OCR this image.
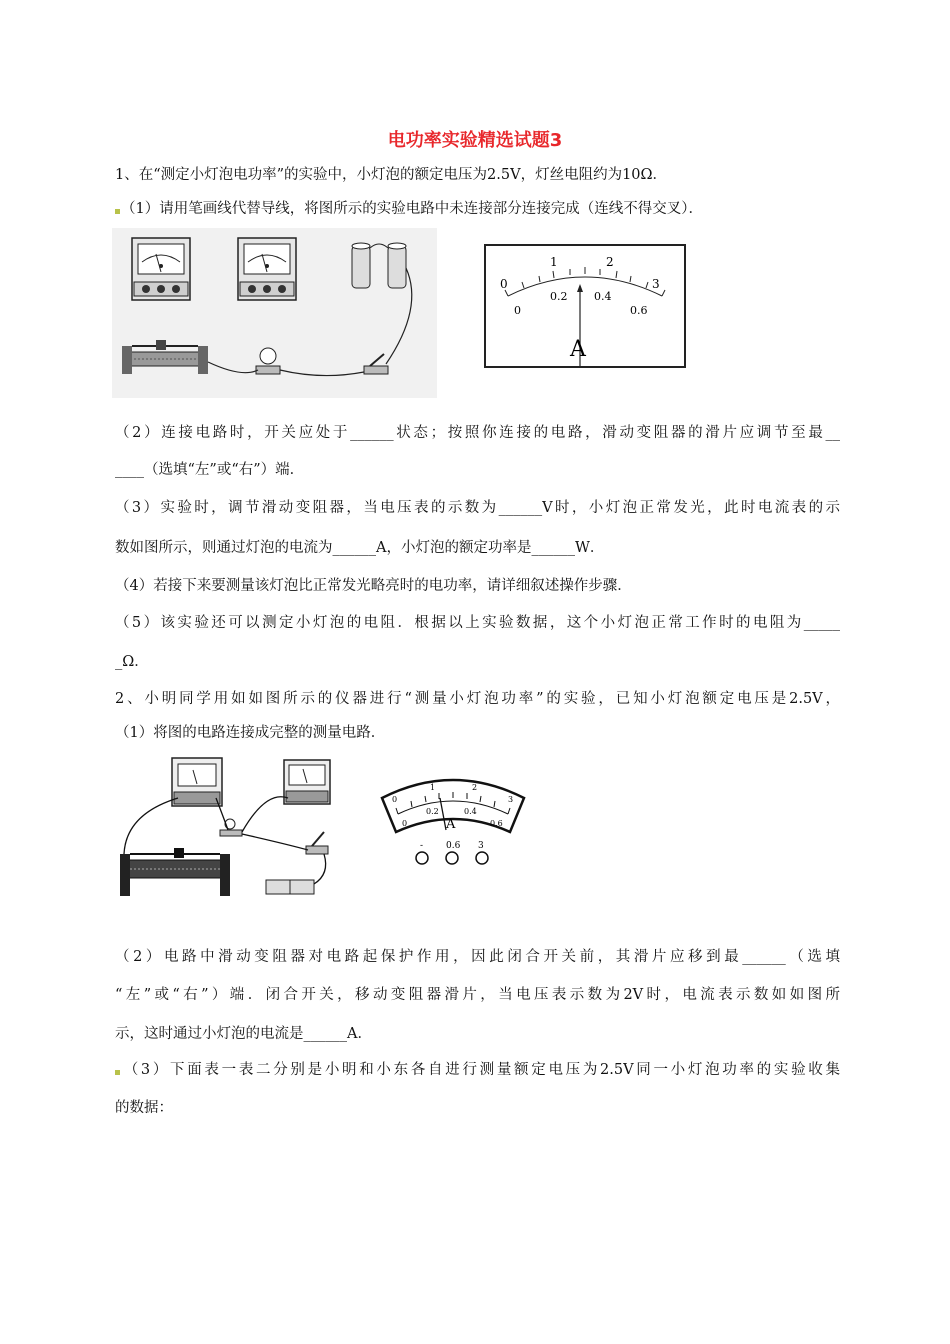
电功率实验精选试题3
1、在“测定小灯泡电功率”的实验中，小灯泡的额定电压为2.5V，灯丝电阻约为10Ω．
（1）请用笔画线代替导线，将图所示的实验电路中未连接部分连接完成（连线不得交叉）．
0
1	2
3
0
0.2 0.4
0.6
A
（2）连接电路时，开关应处于______状态；按照你连接的电路，滑动变阻器的滑片应调节至最__
____（选填“左”或“右”）端．
（3）实验时，调节滑动变阻器，当电压表的示数为______V时，小灯泡正常发光，此时电流表的示
数如图所示，则通过灯泡的电流为______A，小灯泡的额定功率是______W．
（4）若接下来要测量该灯泡比正常发光略亮时的电功率，请详细叙述操作步骤．
（5）该实验还可以测定小灯泡的电阻．根据以上实验数据，这个小灯泡正常工作时的电阻为_____
_Ω．
2、小明同学用如如图所示的仪器进行“测量小灯泡功率”的实验，已知小灯泡额定电压是2.5V，
（1）将图的电路连接成完整的测量电路．
0
1	2
3
0
0.2	0.4
0.6
A
-	0.6 3
（2）电路中滑动变阻器对电路起保护作用，因此闭合开关前，其滑片应移到最______（选填
“左”或“右”）端．闭合开关，移动变阻器滑片，当电压表示数为2V时，电流表示数如如图所
示，这时通过小灯泡的电流是______A．
（3）下面表一表二分别是小明和小东各自进行测量额定电压为2.5V同一小灯泡功率的实验收集
的数据：
